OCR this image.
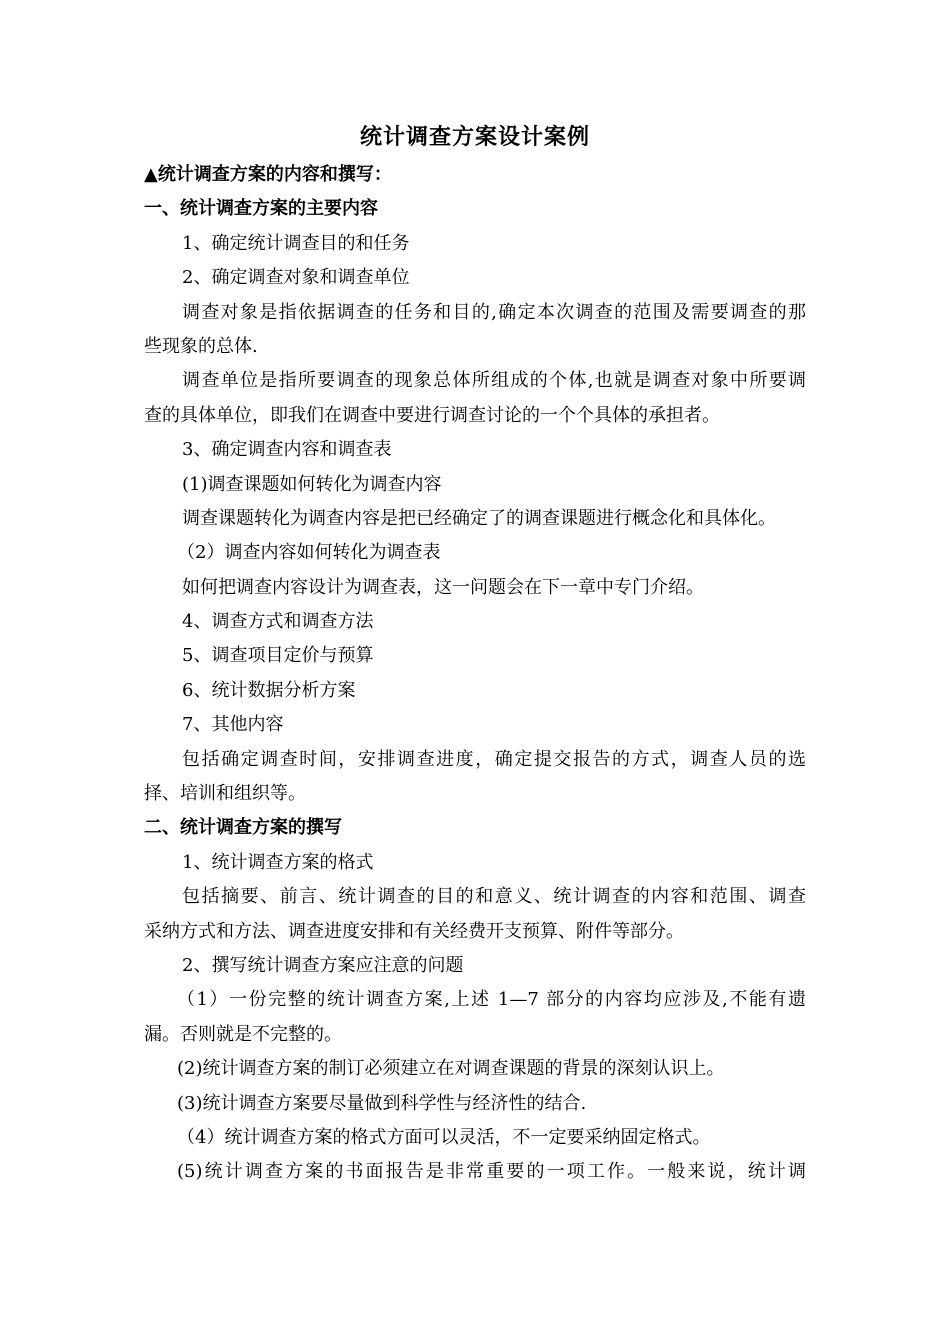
统计调查方案设计案例
▲统计调查方案的内容和撰写：
一、统计调查方案的主要内容
1、确定统计调查目的和任务
2、确定调查对象和调查单位
调查对象是指依据调查的任务和目的,确定本次调查的范围及需要调查的那
些现象的总体.
调查单位是指所要调查的现象总体所组成的个体,也就是调查对象中所要调
查的具体单位，即我们在调查中要进行调查讨论的一个个具体的承担者。
3、确定调查内容和调查表
(1)调查课题如何转化为调查内容
调查课题转化为调查内容是把已经确定了的调查课题进行概念化和具体化。
（2）调查内容如何转化为调查表
如何把调查内容设计为调查表，这一问题会在下一章中专门介绍。
4、调查方式和调查方法
5、调查项目定价与预算
6、统计数据分析方案
7、其他内容
包括确定调查时间，安排调查进度，确定提交报告的方式，调查人员的选
择、培训和组织等。
二、统计调查方案的撰写
1、统计调查方案的格式
包括摘要、前言、统计调查的目的和意义、统计调查的内容和范围、调查
采纳方式和方法、调查进度安排和有关经费开支预算、附件等部分。
2、撰写统计调查方案应注意的问题
（1）一份完整的统计调查方案,上述 1—7 部分的内容均应涉及,不能有遗
漏。否则就是不完整的。
(2)统计调查方案的制订必须建立在对调查课题的背景的深刻认识上。
(3)统计调查方案要尽量做到科学性与经济性的结合.
（4）统计调查方案的格式方面可以灵活，不一定要采纳固定格式。
(5)统计调查方案的书面报告是非常重要的一项工作。一般来说，统计调
